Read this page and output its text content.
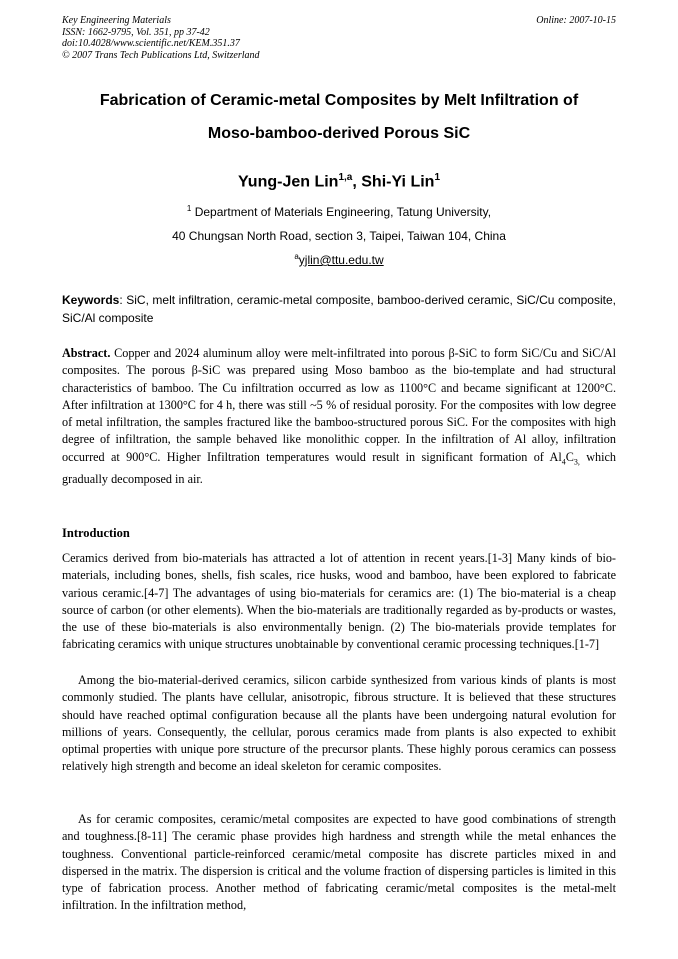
Key Engineering Materials
ISSN: 1662-9795, Vol. 351, pp 37-42
doi:10.4028/www.scientific.net/KEM.351.37
© 2007 Trans Tech Publications Ltd, Switzerland
Online: 2007-10-15
Fabrication of Ceramic-metal Composites by Melt Infiltration of
Moso-bamboo-derived Porous SiC
Yung-Jen Lin$^{1,a}$, Shi-Yi Lin$^1$
$^1$ Department of Materials Engineering, Tatung University,
40 Chungsan North Road, section 3, Taipei, Taiwan 104, China
$^a$yjlin@ttu.edu.tw
Keywords: SiC, melt infiltration, ceramic-metal composite, bamboo-derived ceramic, SiC/Cu composite, SiC/Al composite
Abstract. Copper and 2024 aluminum alloy were melt-infiltrated into porous β-SiC to form SiC/Cu and SiC/Al composites. The porous β-SiC was prepared using Moso bamboo as the bio-template and had structural characteristics of bamboo. The Cu infiltration occurred as low as 1100°C and became significant at 1200°C. After infiltration at 1300°C for 4 h, there was still ~5 % of residual porosity. For the composites with low degree of metal infiltration, the samples fractured like the bamboo-structured porous SiC. For the composites with high degree of infiltration, the sample behaved like monolithic copper. In the infiltration of Al alloy, infiltration occurred at 900°C. Higher Infiltration temperatures would result in significant formation of $Al_4C_{3,}$ which gradually decomposed in air.
Introduction

Ceramics derived from bio-materials has attracted a lot of attention in recent years.[1-3] Many kinds of bio-materials, including bones, shells, fish scales, rice husks, wood and bamboo, have been explored to fabricate various ceramic.[4-7] The advantages of using bio-materials for ceramics are: (1) The bio-material is a cheap source of carbon (or other elements). When the bio-materials are traditionally regarded as by-products or wastes, the use of these bio-materials is also environmentally benign. (2) The bio-materials provide templates for fabricating ceramics with unique structures unobtainable by conventional ceramic processing techniques.[1-7]

Among the bio-material-derived ceramics, silicon carbide synthesized from various kinds of plants is most commonly studied. The plants have cellular, anisotropic, fibrous structure. It is believed that these structures should have reached optimal configuration because all the plants have been undergoing natural evolution for millions of years. Consequently, the cellular, porous ceramics made from plants is also expected to exhibit optimal properties with unique pore structure of the precursor plants. These highly porous ceramics can possess relatively high strength and become an ideal skeleton for ceramic composites.

As for ceramic composites, ceramic/metal composites are expected to have good combinations of strength and toughness.[8-11] The ceramic phase provides high hardness and strength while the metal enhances the toughness. Conventional particle-reinforced ceramic/metal composite has discrete particles mixed in and dispersed in the matrix. The dispersion is critical and the volume fraction of dispersing particles is limited in this type of fabrication process. Another method of fabricating ceramic/metal composites is the metal-melt infiltration. In the infiltration method,
